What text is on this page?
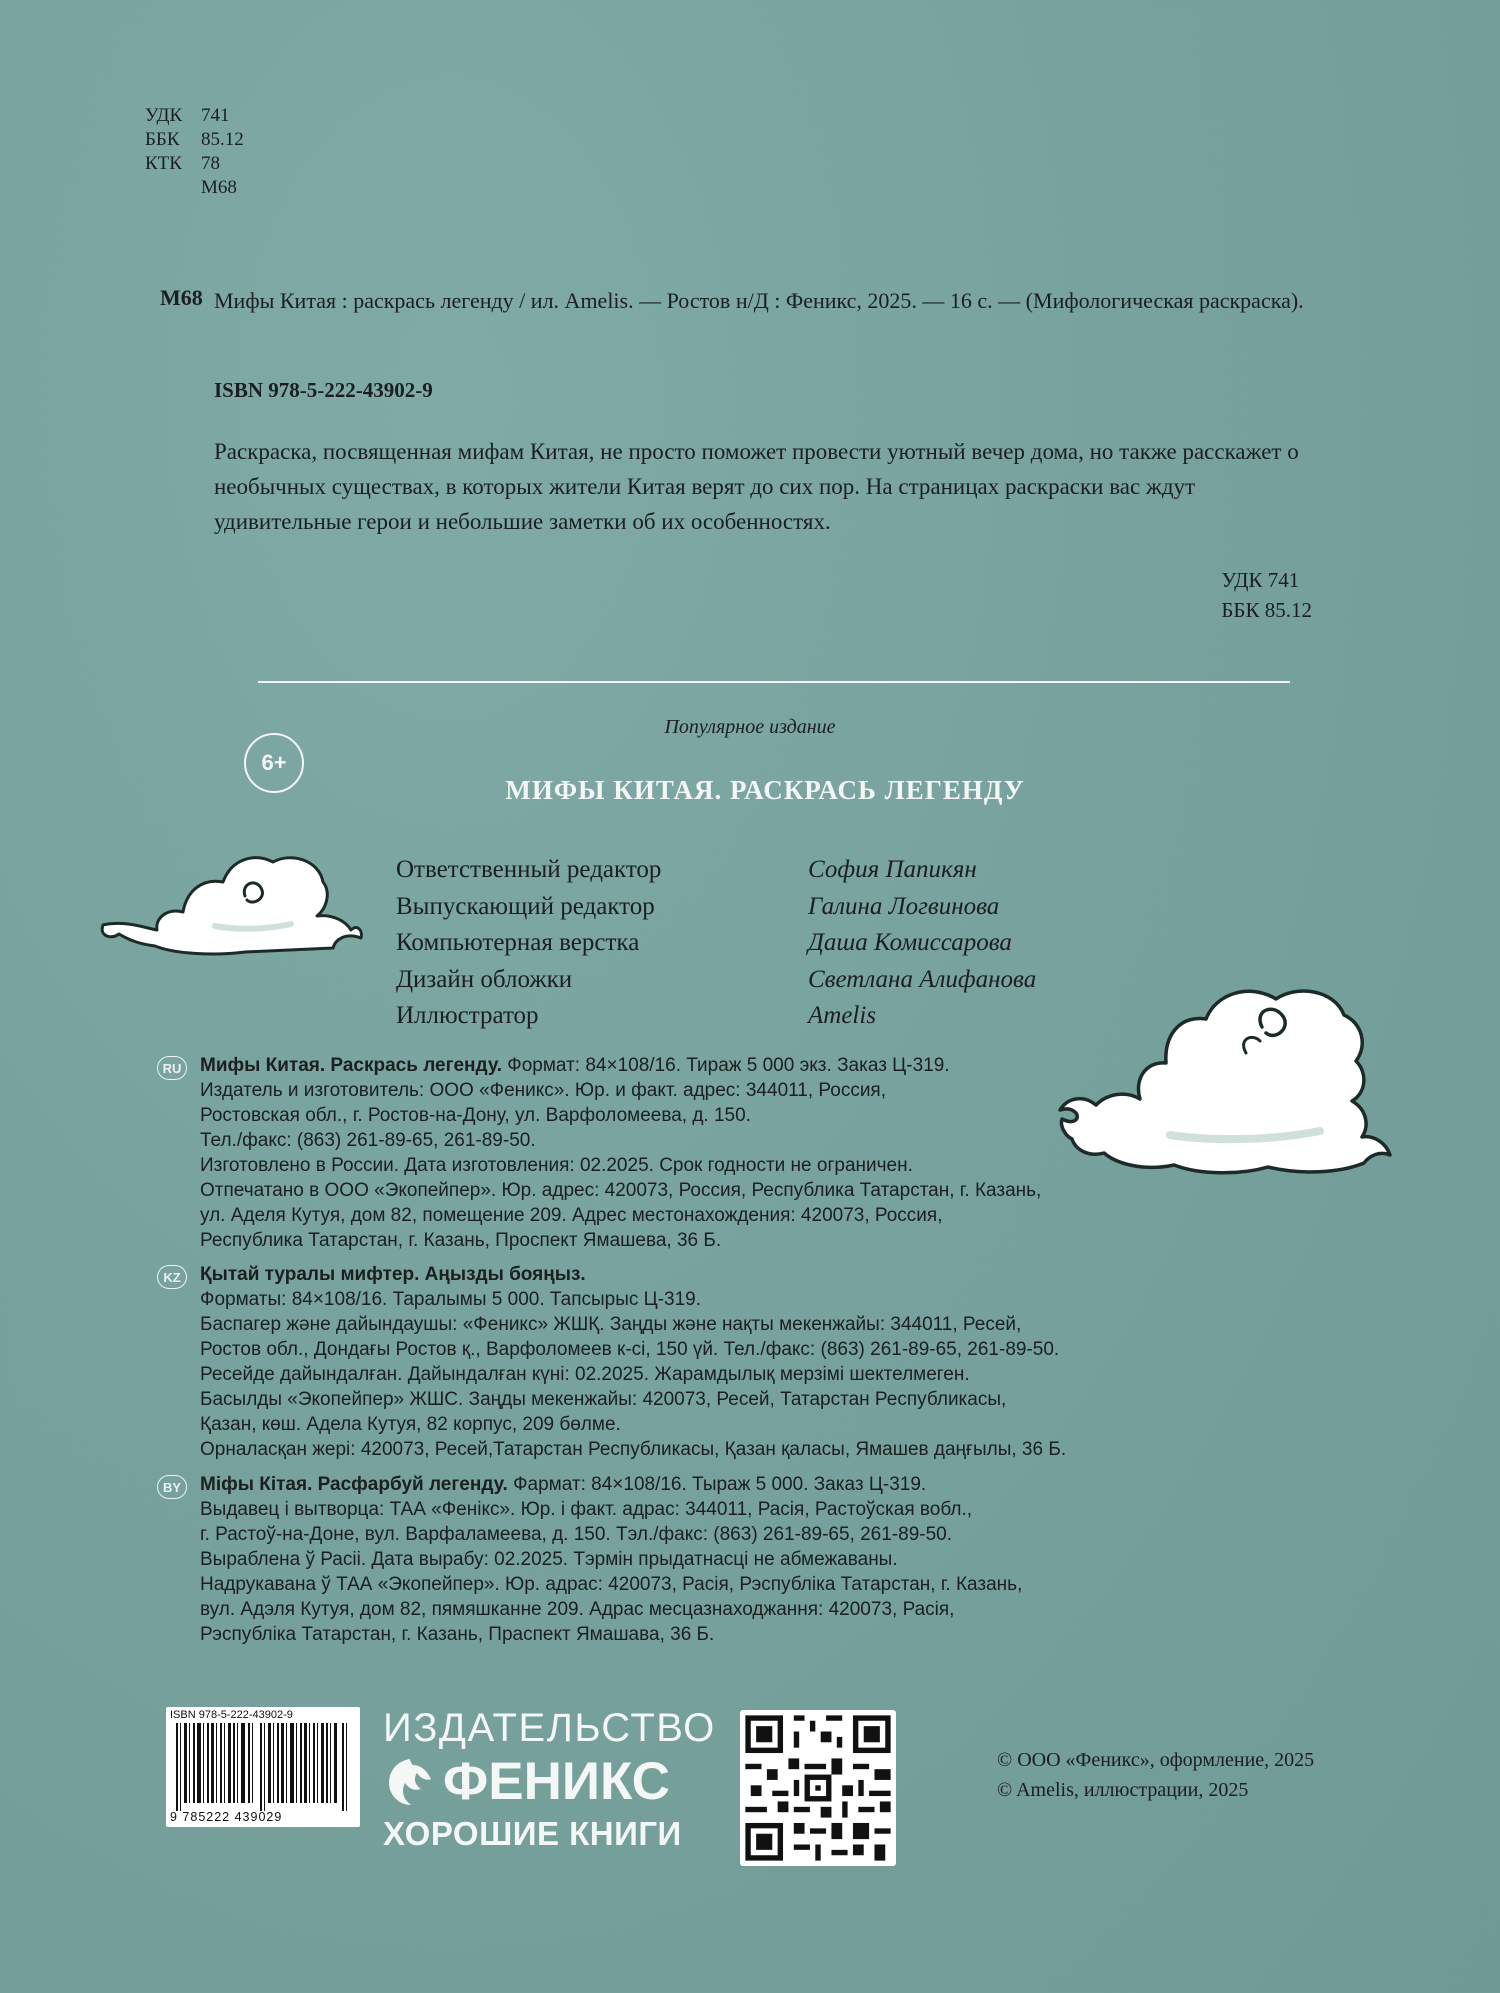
УДК 741
ББК	85.12
КТК	78
М68
М68 Мифы Китая : раскрась легенду / ил. Amelis. — Ростов н/Д : Феникс, 2025. — 16 с. — (Мифологическая раскраска).
ISBN 978-5-222-43902-9
Раскраска, посвященная мифам Китая, не просто поможет провести уютный вечер дома, но также расскажет о необычных существах, в которых жители Китая верят до сих пор. На страницах раскраски вас ждут удивительные герои и небольшие заметки об их особенностях.
УДК 741
ББК 85.12
Популярное издание
6+
МИФЫ КИТАЯ. РАСКРАСЬ ЛЕГЕНДУ
Ответственный редактор	София Папикян
Выпускающий редактор	Галина Логвинова
Компьютерная верстка	Даша Комиссарова
Дизайн обложки	Светлана Алифанова
Иллюстратор	Amelis
RU Мифы Китая. Раскрась легенду. Формат: 84×108/16. Тираж 5 000 экз. Заказ Ц-319.

Издатель и изготовитель: ООО «Феникс». Юр. и факт. адрес: 344011, Россия,

Ростовская обл., г. Ростов-на-Дону, ул. Варфоломеева, д. 150.

Тел./факс: (863) 261-89-65, 261-89-50.

Изготовлено в России. Дата изготовления: 02.2025. Срок годности не ограничен.

Отпечатано в ООО «Экопейпер». Юр. адрес: 420073, Россия, Республика Татарстан, г. Казань,

ул. Аделя Кутуя, дом 82, помещение 209. Адрес местонахождения: 420073, Россия,

Республика Татарстан, г. Казань, Проспект Ямашева, 36 Б.

KZ	Қытай туралы мифтер. Аңызды бояңыз.

Форматы: 84×108/16. Таралымы 5 000. Тапсырыс Ц-319.

Баспагер және дайындаушы: «Феникс» ЖШҚ. Заңды және нақты мекенжайы: 344011, Ресей,

Ростов обл., Дондағы Ростов қ., Варфоломеев к-сі, 150 үй. Тел./факс: (863) 261-89-65, 261-89-50.

Ресейде дайындалған. Дайындалған күні: 02.2025. Жарамдылық мерзімі шектелмеген.

Басылды «Экопейпер» ЖШС. Заңды мекенжайы: 420073, Ресей, Татарстан Республикасы,

Қазан, көш. Адела Кутуя, 82 корпус, 209 бөлме.

Орналасқан жері: 420073, Ресей,Татарстан Республикасы, Қазан қаласы, Ямашев даңғылы, 36 Б.

BY Міфы Кітая. Расфарбуй легенду. Фармат: 84×108/16. Тыраж 5 000. Заказ Ц-319.

Выдавец і вытворца: ТАА «Фенікс». Юр. і факт. адрас: 344011, Расія, Растоўская вобл.,

г. Растоў-на-Доне, вул. Варфаламеева, д. 150. Тэл./факс: (863) 261-89-65, 261-89-50.

Выраблена ў Расіі. Дата вырабу: 02.2025. Тэрмін прыдатнасці не абмежаваны.

Надрукавана ў ТАА «Экопейпер». Юр. адрас: 420073, Расія, Рэспубліка Татарстан, г. Казань,

вул. Адэля Кутуя, дом 82, пямяшканне 209. Адрас месцазнаходжання: 420073, Расія,

Рэспубліка Татарстан, г. Казань, Праспект Ямашава, 36 Б.

ISBN 978-5-222-43902-9
9 785222 439029
ИЗДАТЕЛЬСТВО
ФЕНИКС
ХОРОШИЕ КНИГИ
© ООО «Феникс», оформление, 2025
© Amelis, иллюстрации, 2025
